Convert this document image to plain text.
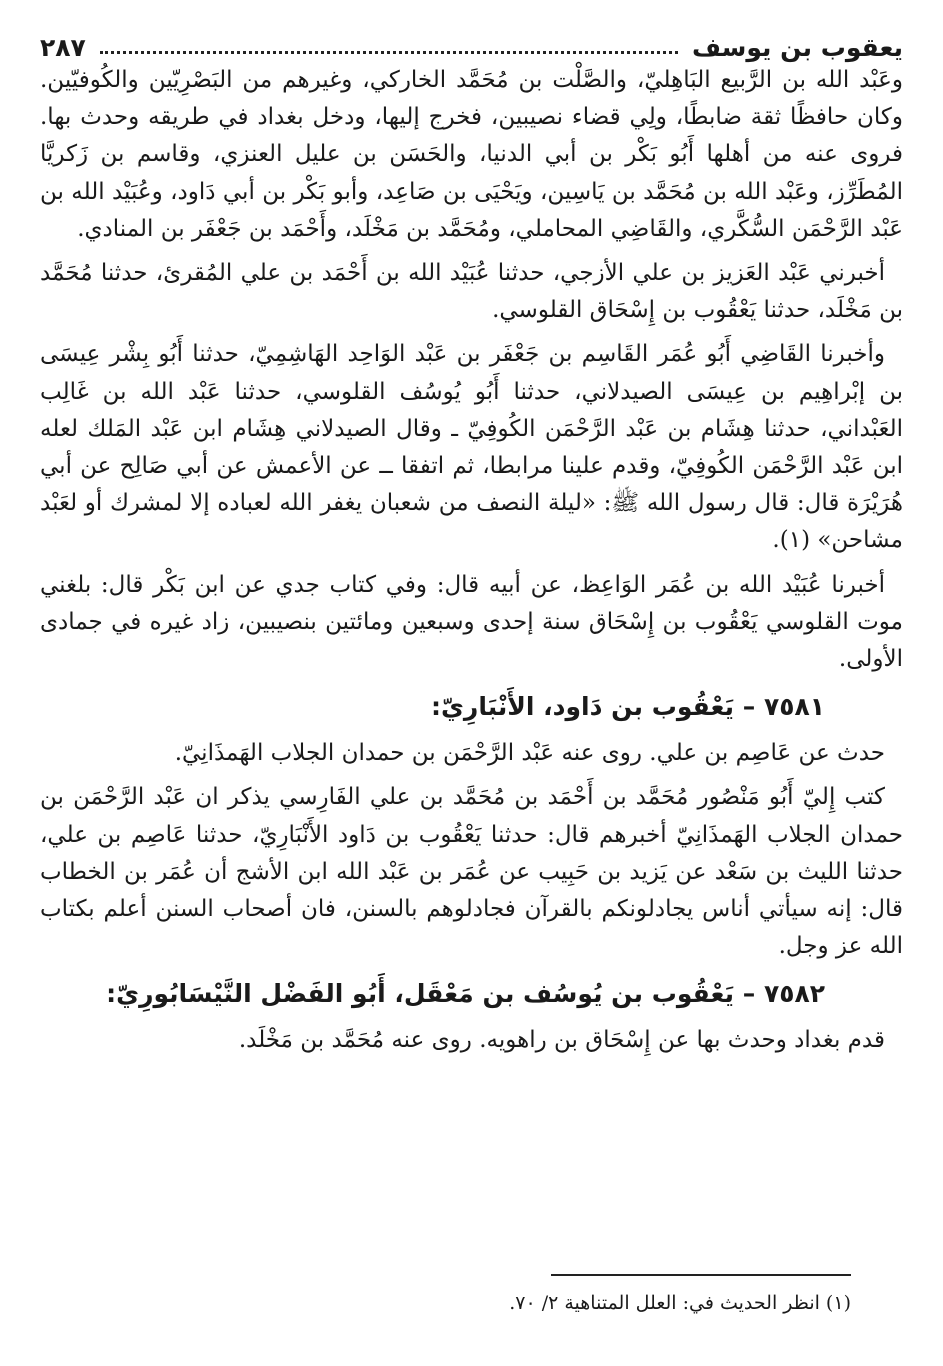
يعقوب بن يوسف
٢٨٧

وعَبْد الله بن الرَّبيع البَاهِليّ، والصَّلْت بن مُحَمَّد الخاركي، وغيرهم من البَصْرِيّين والكُوفيّين. وكان حافظًا ثقة ضابطًا، ولِي قضاء نصيبين، فخرج إليها، ودخل بغداد في طريقه وحدث بها. فروى عنه من أهلها أَبُو بَكْر بن أبي الدنيا، والحَسَن بن عليل العنزي، وقاسم بن زَكريَّا المُطَرِّز، وعَبْد الله بن مُحَمَّد بن يَاسِين، ويَحْيَى بن صَاعِد، وأبو بَكْر بن أبي دَاود، وعُبَيْد الله بن عَبْد الرَّحْمَن السُّكَّري، والقَاضِي المحاملي، ومُحَمَّد بن مَخْلَد، وأَحْمَد بن جَعْفَر بن المنادي.

أخبرني عَبْد العَزيز بن علي الأزجي، حدثنا عُبَيْد الله بن أَحْمَد بن علي المُقرئ، حدثنا مُحَمَّد بن مَخْلَد، حدثنا يَعْقُوب بن إِسْحَاق القلوسي.

وأخبرنا القَاضِي أَبُو عُمَر القَاسِم بن جَعْفَر بن عَبْد الوَاحِد الهَاشِمِيّ، حدثنا أَبُو بِشْر عِيسَى بن إبْراهِيم بن عِيسَى الصيدلاني، حدثنا أَبُو يُوسُف القلوسي، حدثنا عَبْد الله بن غَالِب العَبْداني، حدثنا هِشَام بن عَبْد الرَّحْمَن الكُوفِيّ ـ وقال الصيدلاني هِشَام ابن عَبْد المَلك لعله ابن عَبْد الرَّحْمَن الكُوفِيّ، وقدم علينا مرابطا، ثم اتفقا ــ عن الأعمش عن أبي صَالِح عن أبي هُرَيْرَة قال: قال رسول الله ﷺ: «ليلة النصف من شعبان يغفر الله لعباده إلا لمشرك أو لعَبْد مشاحن» (١).

أخبرنا عُبَيْد الله بن عُمَر الوَاعِظ، عن أبيه قال: وفي كتاب جدي عن ابن بَكْر قال: بلغني موت القلوسي يَعْقُوب بن إِسْحَاق سنة إحدى وسبعين ومائتين بنصيبين، زاد غيره في جمادى الأولى.

٧٥٨١ – يَعْقُوب بن دَاود، الأَنْبَارِيّ:

حدث عن عَاصِم بن علي. روى عنه عَبْد الرَّحْمَن بن حمدان الجلاب الهَمذَانِيّ.

كتب إِليّ أَبُو مَنْصُور مُحَمَّد بن أَحْمَد بن مُحَمَّد بن علي الفَارِسي يذكر ان عَبْد الرَّحْمَن بن حمدان الجلاب الهَمذَانِيّ أخبرهم قال: حدثنا يَعْقُوب بن دَاود الأَنْبَارِيّ، حدثنا عَاصِم بن علي، حدثنا الليث بن سَعْد عن يَزيد بن حَبِيب عن عُمَر بن عَبْد الله ابن الأشج أن عُمَر بن الخطاب قال: إنه سيأتي أناس يجادلونكم بالقرآن فجادلوهم بالسنن، فان أصحاب السنن أعلم بكتاب الله عز وجل.

٧٥٨٢ – يَعْقُوب بن يُوسُف بن مَعْقَل، أَبُو الفَضْل النَّيْسَابُورِيّ:

قدم بغداد وحدث بها عن إِسْحَاق بن راهويه. روى عنه مُحَمَّد بن مَخْلَد.

(١) انظر الحديث في: العلل المتناهية ٢/ ٧٠.
